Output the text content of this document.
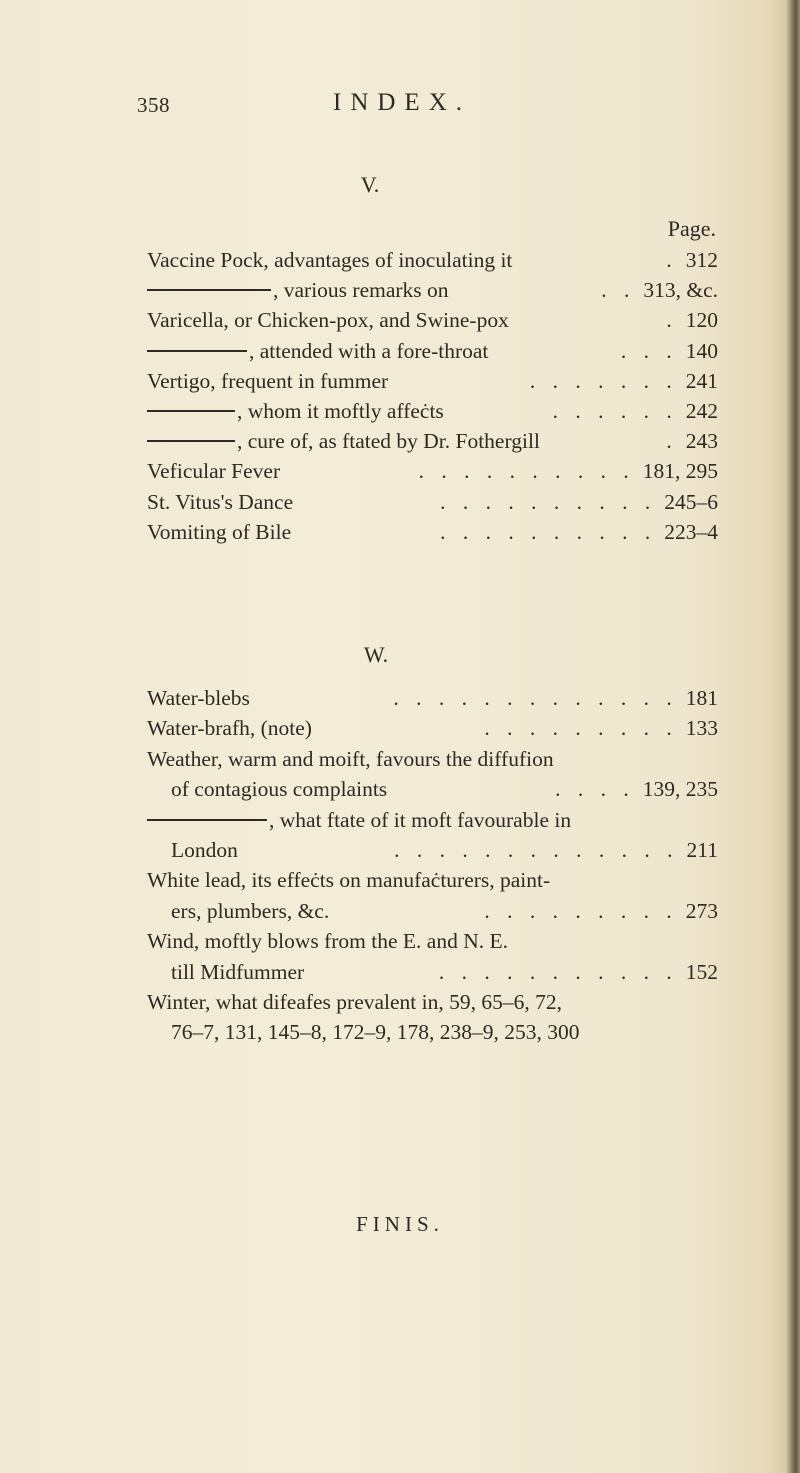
358	INDEX.
V.
Page.
Vaccine Pock, advantages of inoculating it	. 312
, various remarks on	. . 313, &c.
Varicella, or Chicken-pox, and Swine-pox	. 120
, attended with a fore-throat	. . . 140
Vertigo, frequent in fummer	. . . . . . . 241
, whom it moftly affeċts	. . . . . . 242
, cure of, as ftated by Dr. Fothergill	. 243
Veficular Fever	. . . . . . . . . . 181, 295
St. Vitus's Dance	. . . . . . . . . . 245–6
Vomiting of Bile	. . . . . . . . . . 223–4
W.
Water-blebs	. . . . . . . . . . . . . 181
Water-brafh, (note)	. . . . . . . . . 133
Weather, warm and moift, favours the diffufion
of contagious complaints	. . . . 139, 235
, what ftate of it moft favourable in
London	. . . . . . . . . . . . . 211
White lead, its effeċts on manufaċturers, paint-
ers, plumbers, &c.	. . . . . . . . . 273
Wind, moftly blows from the E. and N. E.
till Midfummer	. . . . . . . . . . . 152
Winter, what difeafes prevalent in, 59, 65–6, 72,
76–7, 131, 145–8, 172–9, 178, 238–9, 253, 300
FINIS.
